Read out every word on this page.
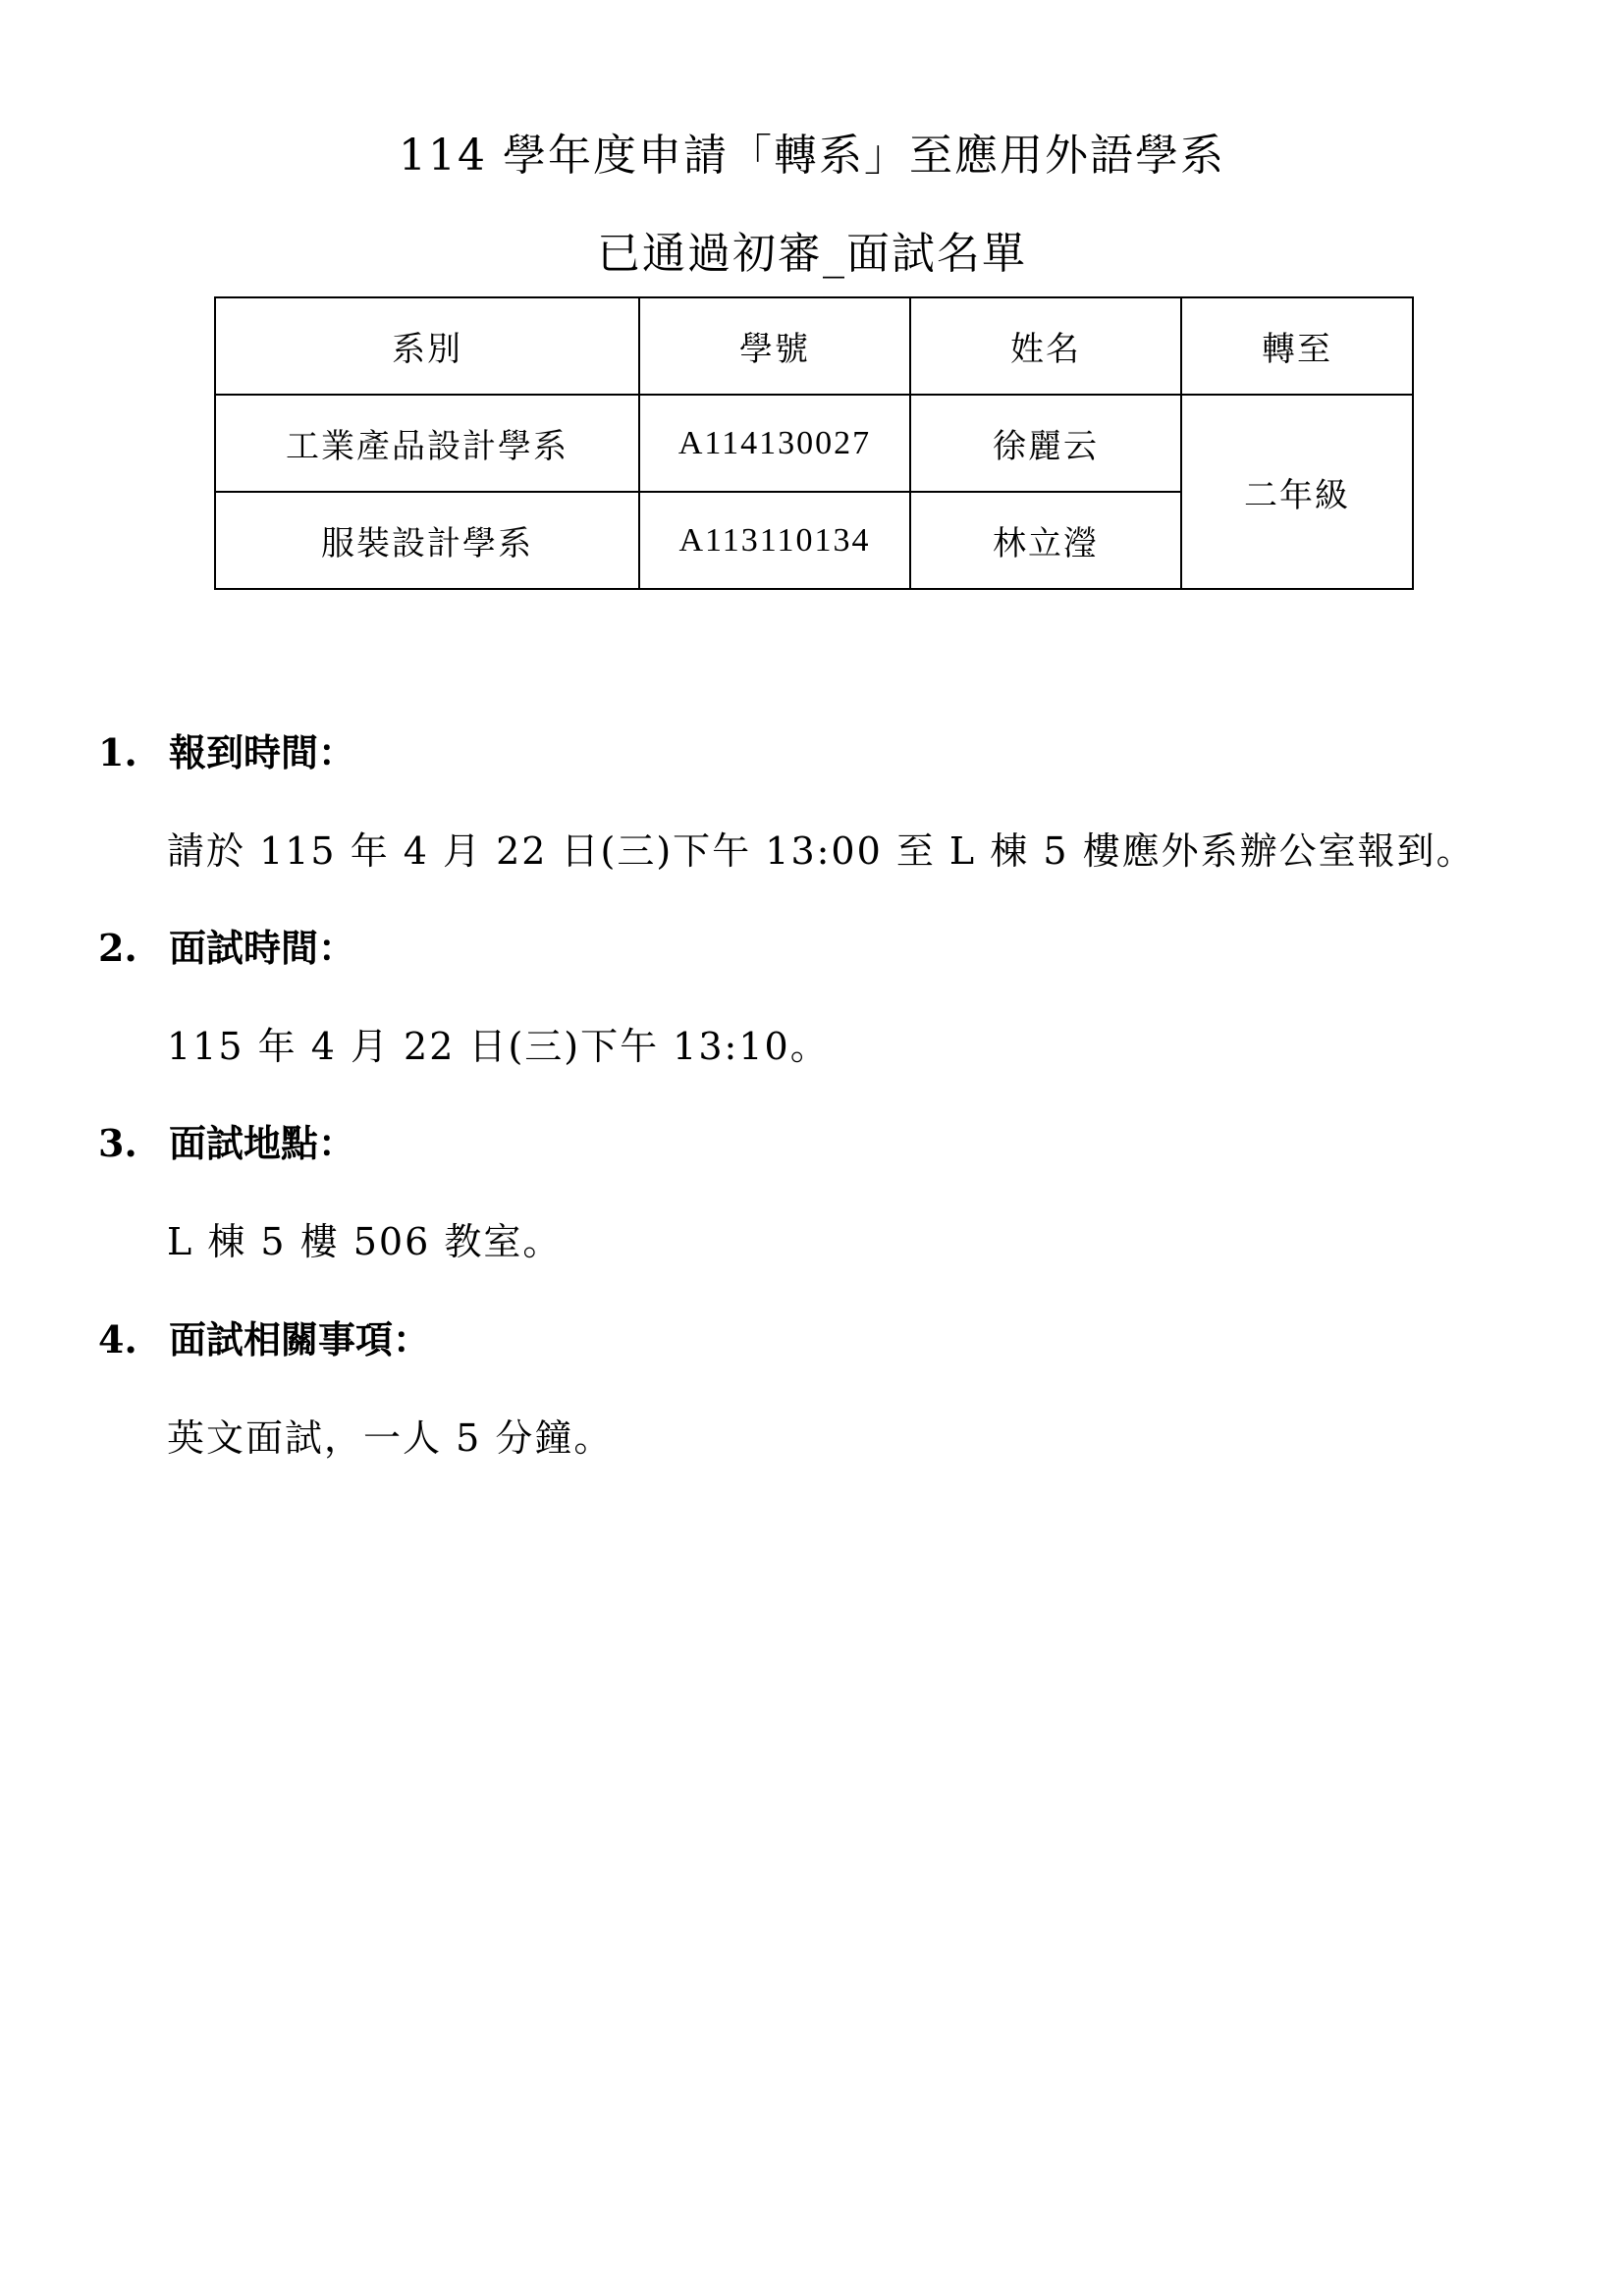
114 學年度申請「轉系」至應用外語學系
已通過初審_面試名單
系別	學號	姓名	轉至
工業產品設計學系	A114130027	徐麗云	二年級
服裝設計學系	A113110134	林立瀅	
1. 報到時間：
請於 115 年 4 月 22 日(三)下午 13:00 至 L 棟 5 樓應外系辦公室報到。
2. 面試時間：
115 年 4 月 22 日(三)下午 13:10。
3. 面試地點：
L 棟 5 樓 506 教室。
4. 面試相關事項：
英文面試，一人 5 分鐘。
